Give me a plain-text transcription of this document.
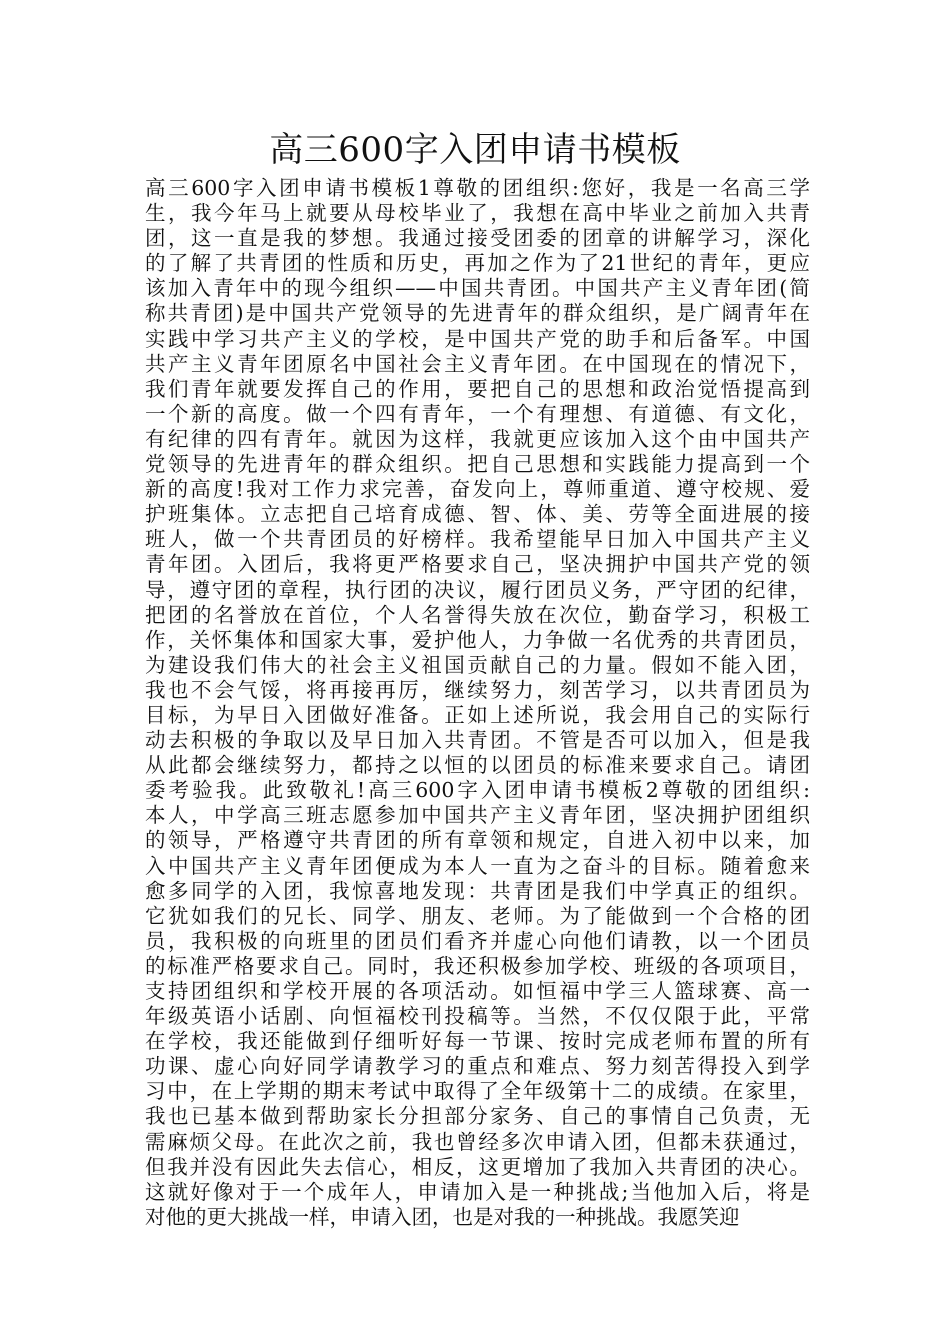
高三600字入团申请书模板
高三600字入团申请书模板1尊敬的团组织:您好，我是一名高三学
生，我今年马上就要从母校毕业了，我想在高中毕业之前加入共青
团，这一直是我的梦想。我通过接受团委的团章的讲解学习，深化
的了解了共青团的性质和历史，再加之作为了21世纪的青年，更应
该加入青年中的现今组织——中国共青团。中国共产主义青年团(简
称共青团)是中国共产党领导的先进青年的群众组织，是广阔青年在
实践中学习共产主义的学校，是中国共产党的助手和后备军。中国
共产主义青年团原名中国社会主义青年团。在中国现在的情况下，
我们青年就要发挥自己的作用，要把自己的思想和政治觉悟提高到
一个新的高度。做一个四有青年，一个有理想、有道德、有文化，
有纪律的四有青年。就因为这样，我就更应该加入这个由中国共产
党领导的先进青年的群众组织。把自己思想和实践能力提高到一个
新的高度!我对工作力求完善，奋发向上，尊师重道、遵守校规、爱
护班集体。立志把自己培育成德、智、体、美、劳等全面进展的接
班人，做一个共青团员的好榜样。我希望能早日加入中国共产主义
青年团。入团后，我将更严格要求自己，坚决拥护中国共产党的领
导，遵守团的章程，执行团的决议，履行团员义务，严守团的纪律，
把团的名誉放在首位，个人名誉得失放在次位，勤奋学习，积极工
作，关怀集体和国家大事，爱护他人，力争做一名优秀的共青团员，
为建设我们伟大的社会主义祖国贡献自己的力量。假如不能入团，
我也不会气馁，将再接再厉，继续努力，刻苦学习，以共青团员为
目标，为早日入团做好准备。正如上述所说，我会用自己的实际行
动去积极的争取以及早日加入共青团。不管是否可以加入，但是我
从此都会继续努力，都持之以恒的以团员的标准来要求自己。请团
委考验我。此致敬礼!高三600字入团申请书模板2尊敬的团组织:
本人，中学高三班志愿参加中国共产主义青年团，坚决拥护团组织
的领导，严格遵守共青团的所有章领和规定，自进入初中以来，加
入中国共产主义青年团便成为本人一直为之奋斗的目标。随着愈来
愈多同学的入团，我惊喜地发现：共青团是我们中学真正的组织。
它犹如我们的兄长、同学、朋友、老师。为了能做到一个合格的团
员，我积极的向班里的团员们看齐并虚心向他们请教，以一个团员
的标准严格要求自己。同时，我还积极参加学校、班级的各项项目，
支持团组织和学校开展的各项活动。如恒福中学三人篮球赛、高一
年级英语小话剧、向恒福校刊投稿等。当然，不仅仅限于此，平常
在学校，我还能做到仔细听好每一节课、按时完成老师布置的所有
功课、虚心向好同学请教学习的重点和难点、努力刻苦得投入到学
习中，在上学期的期末考试中取得了全年级第十二的成绩。在家里，
我也已基本做到帮助家长分担部分家务、自己的事情自己负责，无
需麻烦父母。在此次之前，我也曾经多次申请入团，但都未获通过，
但我并没有因此失去信心，相反，这更增加了我加入共青团的决心。
这就好像对于一个成年人，申请加入是一种挑战;当他加入后，将是
对他的更大挑战一样，申请入团，也是对我的一种挑战。我愿笑迎
